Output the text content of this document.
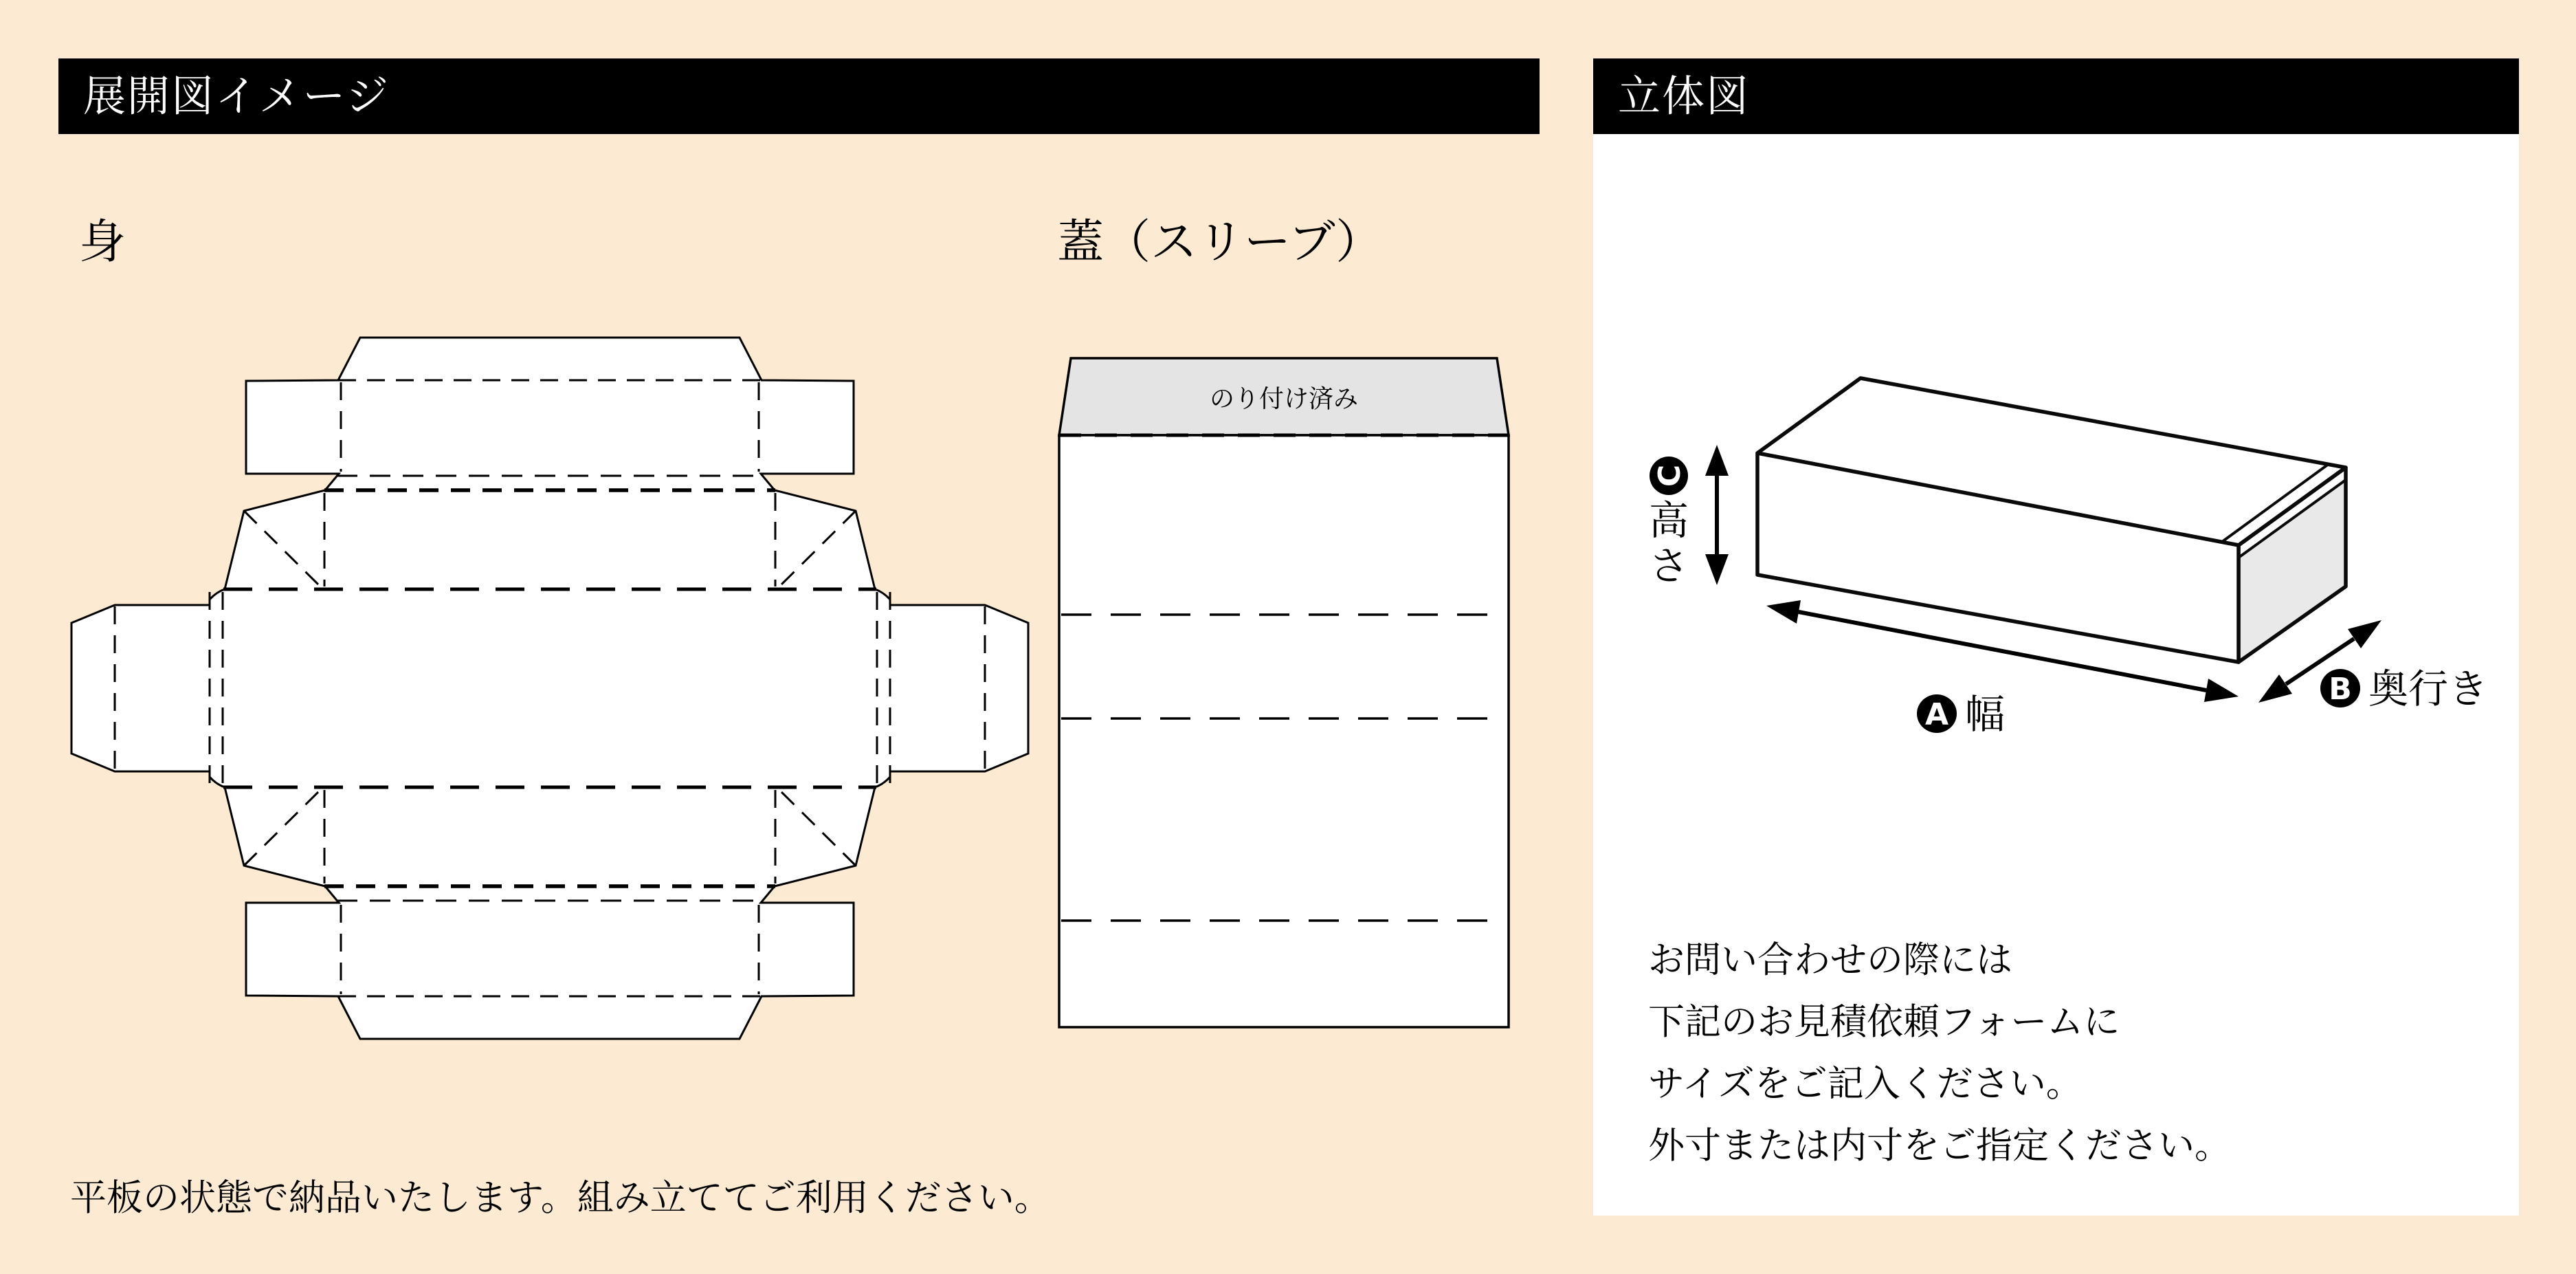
展開図イメージ
身	蓋（スリーブ）
のり付け済み
平板の状態で納品いたします。組み立ててご利用ください。
立体図
C
高
さ
A 幅
B 奥行き
お問い合わせの際には
下記のお見積依頼フォームに
サイズをご記入ください。
外寸または内寸をご指定ください。
